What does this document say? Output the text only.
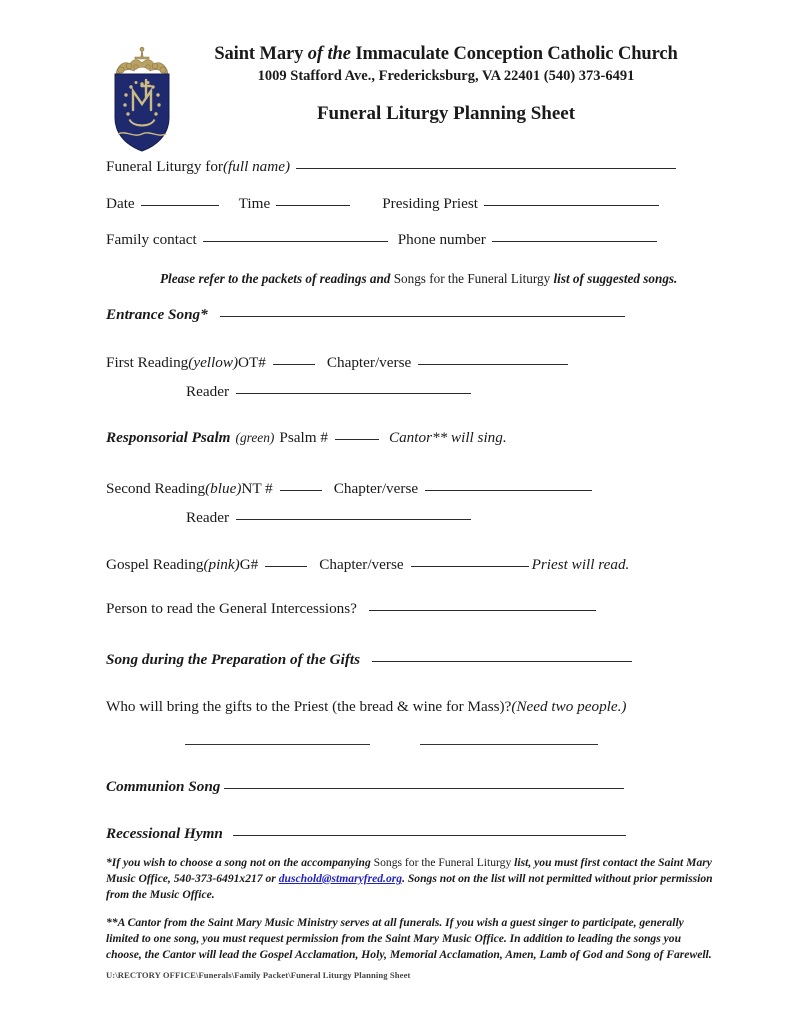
Saint Mary of the Immaculate Conception Catholic Church
1009 Stafford Ave., Fredericksburg, VA 22401 (540) 373-6491
Funeral Liturgy Planning Sheet
Funeral Liturgy for (full name)
Date	Time	Presiding Priest
Family contact	Phone number
Please refer to the packets of readings and Songs for the Funeral Liturgy list of suggested songs.
Entrance Song*
First Reading (yellow) OT#	Chapter/verse
Reader
Responsorial Psalm (green) Psalm #	Cantor** will sing.
Second Reading (blue) NT #	Chapter/verse
Reader
Gospel Reading (pink) G#	Chapter/verse	Priest will read.
Person to read the General Intercessions?
Song during the Preparation of the Gifts
Who will bring the gifts to the Priest (the bread & wine for Mass)? (Need two people.)
Communion Song
Recessional Hymn
*If you wish to choose a song not on the accompanying Songs for the Funeral Liturgy list, you must first contact the Saint Mary Music Office, 540-373-6491x217 or duschold@stmaryfred.org. Songs not on the list will not permitted without prior permission from the Music Office.
**A Cantor from the Saint Mary Music Ministry serves at all funerals. If you wish a guest singer to participate, generally limited to one song, you must request permission from the Saint Mary Music Office. In addition to leading the songs you choose, the Cantor will lead the Gospel Acclamation, Holy, Memorial Acclamation, Amen, Lamb of God and Song of Farewell.
U:\RECTORY OFFICE\Funerals\Family Packet\Funeral Liturgy Planning Sheet
